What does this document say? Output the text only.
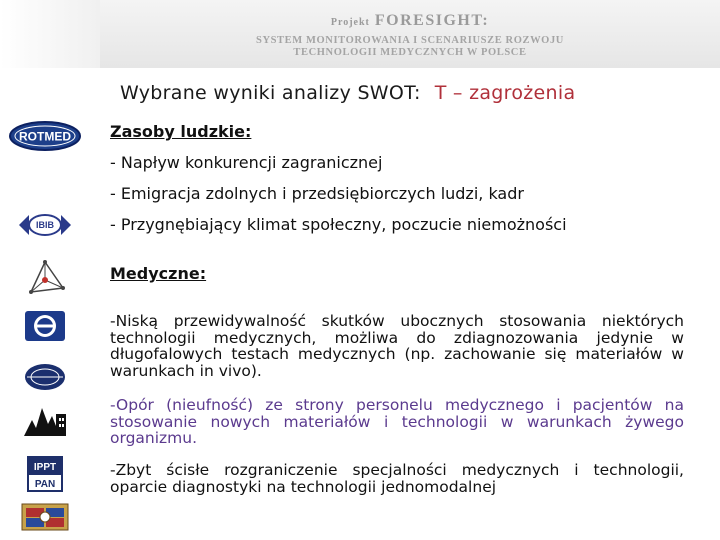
Projekt FORESIGHT:
SYSTEM MONITOROWANIA I SCENARIUSZE ROZWOJU
TECHNOLOGII MEDYCZNYCH W POLSCE
Wybrane wyniki analizy SWOT: T – zagrożenia
ROTMED
IBIB
IPPT
PAN

Zasoby ludzkie:

- Napływ konkurencji zagranicznej
- Emigracja zdolnych i przedsiębiorczych ludzi, kadr
- Przygnębiający klimat społeczny, poczucie niemożności

Medyczne:

-Niską przewidywalność skutków ubocznych stosowania niektórych technologii medycznych, możliwa do zdiagnozowania jedynie w długofalowych testach medycznych (np. zachowanie się materiałów w warunkach in vivo).

-Opór (nieufność) ze strony personelu medycznego i pacjentów na stosowanie nowych materiałów i technologii w warunkach żywego organizmu.

-Zbyt ścisłe rozgraniczenie specjalności medycznych i technologii, oparcie diagnostyki na technologii jednomodalnej
